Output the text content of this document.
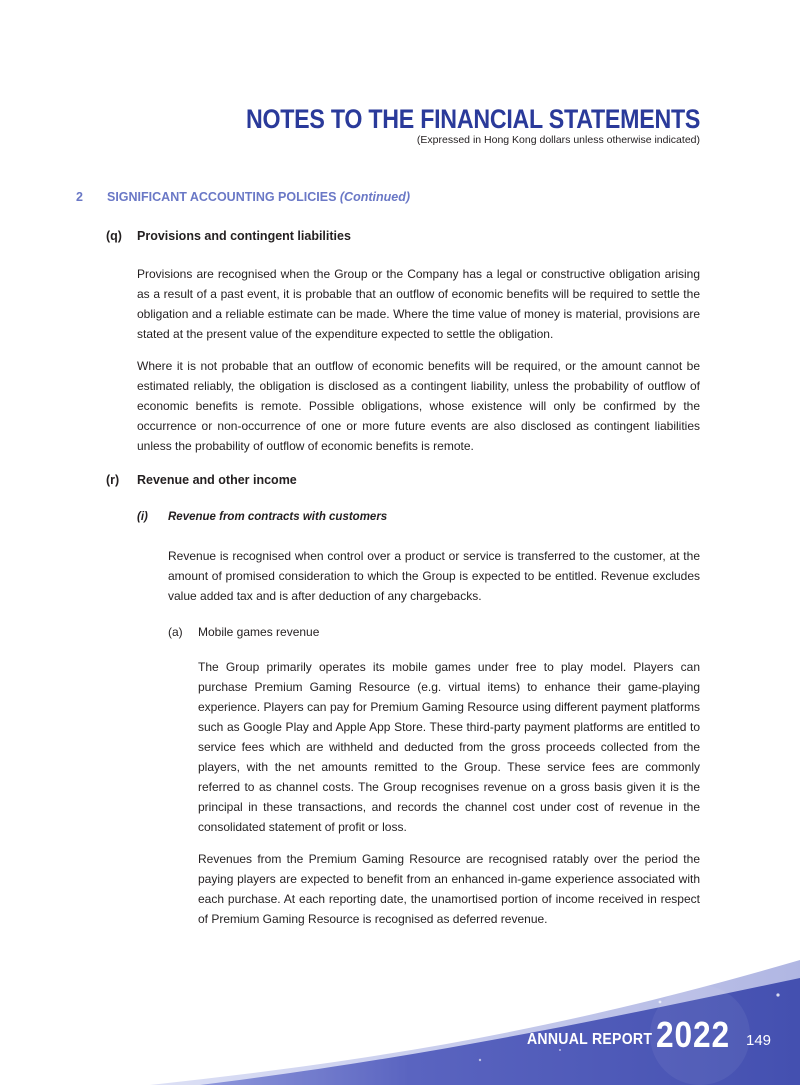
NOTES TO THE FINANCIAL STATEMENTS
(Expressed in Hong Kong dollars unless otherwise indicated)
2 SIGNIFICANT ACCOUNTING POLICIES (Continued)
(q) Provisions and contingent liabilities

Provisions are recognised when the Group or the Company has a legal or constructive obligation arising as a result of a past event, it is probable that an outflow of economic benefits will be required to settle the obligation and a reliable estimate can be made. Where the time value of money is material, provisions are stated at the present value of the expenditure expected to settle the obligation.

Where it is not probable that an outflow of economic benefits will be required, or the amount cannot be estimated reliably, the obligation is disclosed as a contingent liability, unless the probability of outflow of economic benefits is remote. Possible obligations, whose existence will only be confirmed by the occurrence or non-occurrence of one or more future events are also disclosed as contingent liabilities unless the probability of outflow of economic benefits is remote.

(r) Revenue and other income
(i) Revenue from contracts with customers

Revenue is recognised when control over a product or service is transferred to the customer, at the amount of promised consideration to which the Group is expected to be entitled. Revenue excludes value added tax and is after deduction of any chargebacks.

(a) Mobile games revenue

The Group primarily operates its mobile games under free to play model. Players can purchase Premium Gaming Resource (e.g. virtual items) to enhance their game-playing experience. Players can pay for Premium Gaming Resource using different payment platforms such as Google Play and Apple App Store. These third-party payment platforms are entitled to service fees which are withheld and deducted from the gross proceeds collected from the players, with the net amounts remitted to the Group. These service fees are commonly referred to as channel costs. The Group recognises revenue on a gross basis given it is the principal in these transactions, and records the channel cost under cost of revenue in the consolidated statement of profit or loss.

Revenues from the Premium Gaming Resource are recognised ratably over the period the paying players are expected to benefit from an enhanced in-game experience associated with each purchase. At each reporting date, the unamortised portion of income received in respect of Premium Gaming Resource is recognised as deferred revenue.

ANNUAL REPORT 2022 149
